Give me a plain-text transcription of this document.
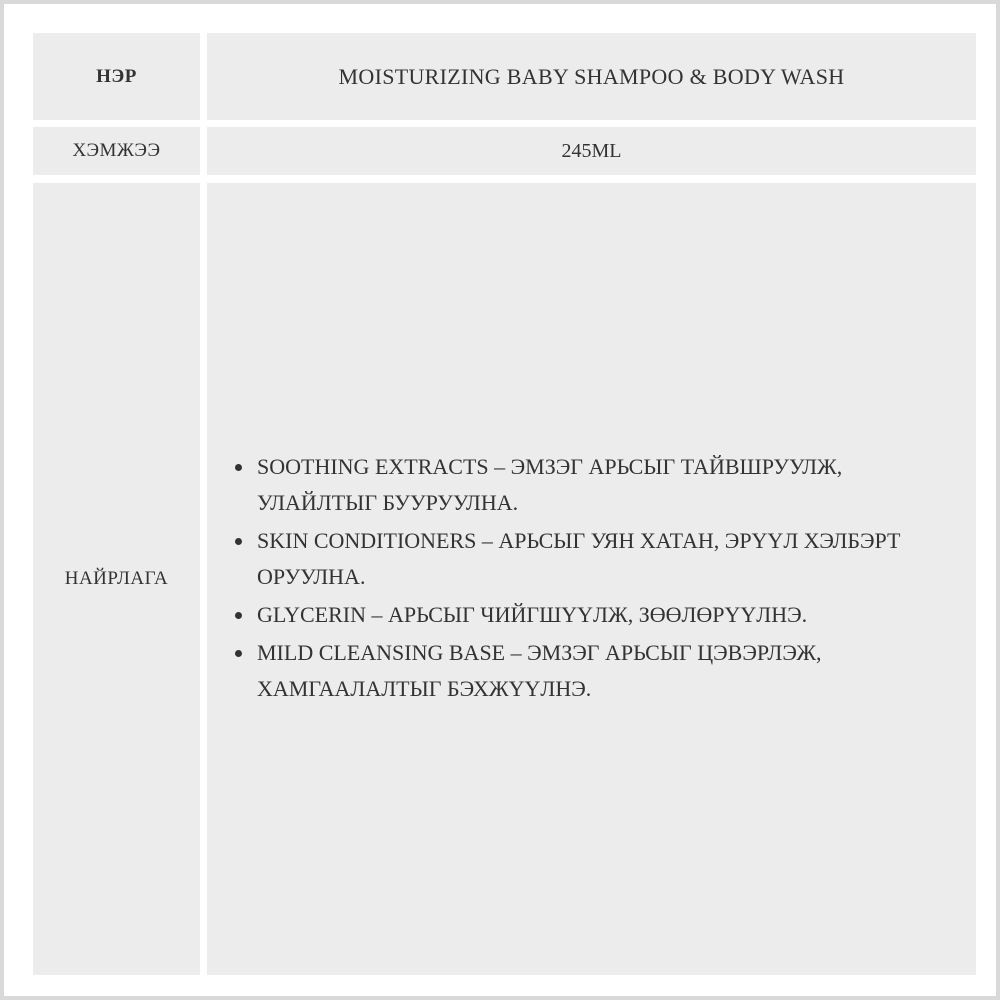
НЭР	MOISTURIZING BABY SHAMPOO & BODY WASH
ХЭМЖЭЭ	245ML
НАЙРЛАГА
SOOTHING EXTRACTS – ЭМЗЭГ АРЬСЫГ ТАЙВШРУУЛЖ, УЛАЙЛТЫГ БУУРУУЛНА.
SKIN CONDITIONERS – АРЬСЫГ УЯН ХАТАН, ЭРҮҮЛ ХЭЛБЭРТ ОРУУЛНА.
GLYCERIN – АРЬСЫГ ЧИЙГШҮҮЛЖ, ЗӨӨЛӨРҮҮЛНЭ.
MILD CLEANSING BASE – ЭМЗЭГ АРЬСЫГ ЦЭВЭРЛЭЖ, ХАМГААЛАЛТЫГ БЭХЖҮҮЛНЭ.
